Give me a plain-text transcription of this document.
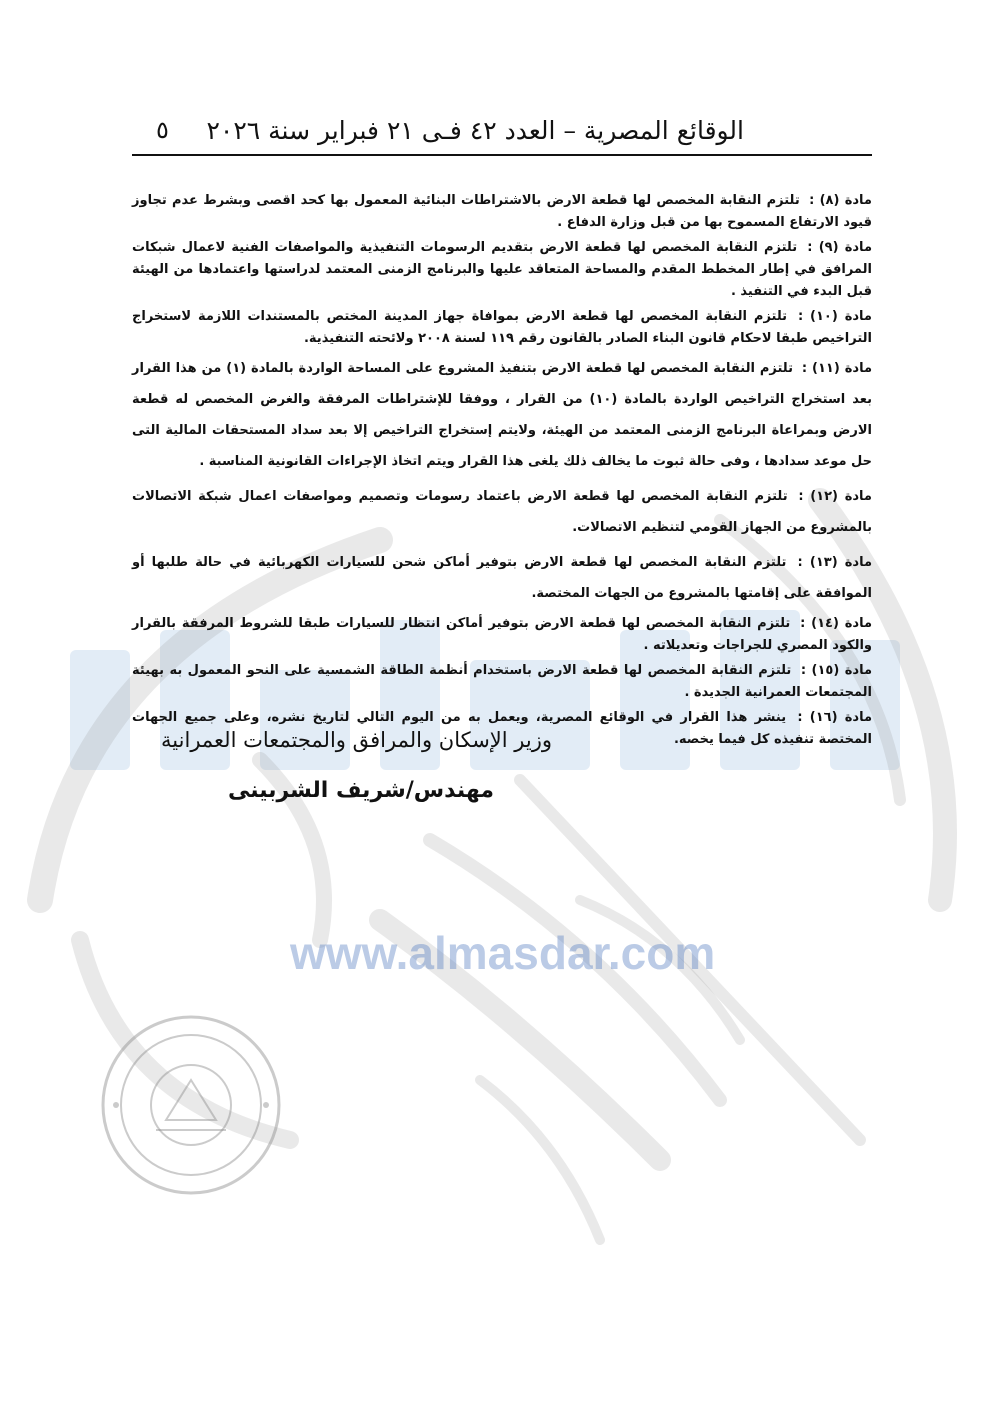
الوقائع المصرية – العدد ٤٢ فـى ٢١ فبراير سنة ٢٠٢٦
٥

مادة (٨) : تلتزم النقابة المخصص لها قطعة الارض بالاشتراطات البنائية المعمول بها كحد اقصى وبشرط عدم تجاوز قيود الارتفاع المسموح بها من قبل وزارة الدفاع .

مادة (٩) : تلتزم النقابة المخصص لها قطعة الارض بتقديم الرسومات التنفيذية والمواصفات الفنية لاعمال شبكات المرافق في إطار المخطط المقدم والمساحة المتعاقد عليها والبرنامج الزمنى المعتمد لدراستها واعتمادها من الهيئة قبل البدء في التنفيذ .

مادة (١٠) : تلتزم النقابة المخصص لها قطعة الارض بموافاة جهاز المدينة المختص بالمستندات اللازمة لاستخراج التراخيص طبقا لاحكام قانون البناء الصادر بالقانون رقم ١١٩ لسنة ٢٠٠٨ ولائحته التنفيذية.

مادة (١١) : تلتزم النقابة المخصص لها قطعة الارض بتنفيذ المشروع على المساحة الواردة بالمادة (١) من هذا القرار بعد استخراج التراخيص الواردة بالمادة (١٠) من القرار ، ووفقا للإشتراطات المرفقة والغرض المخصص له قطعة الارض وبمراعاة البرنامج الزمنى المعتمد من الهيئة، ولايتم إستخراج التراخيص إلا بعد سداد المستحقات المالية التى حل موعد سدادها ، وفى حالة ثبوت ما يخالف ذلك يلغى هذا القرار ويتم اتخاذ الإجراءات القانونية المناسبة .

مادة (١٢) : تلتزم النقابة المخصص لها قطعة الارض باعتماد رسومات وتصميم ومواصفات اعمال شبكة الاتصالات بالمشروع من الجهاز القومي لتنظيم الاتصالات.

مادة (١٣) : تلتزم النقابة المخصص لها قطعة الارض بتوفير أماكن شحن للسيارات الكهربائية في حالة طلبها أو الموافقة على إقامتها بالمشروع من الجهات المختصة.

مادة (١٤) : تلتزم النقابة المخصص لها قطعة الارض بتوفير أماكن انتظار للسيارات طبقا للشروط المرفقة بالقرار والكود المصري للجراجات وتعديلاته .

مادة (١٥) : تلتزم النقابة المخصص لها قطعة الارض باستخدام أنظمة الطاقة الشمسية على النحو المعمول به بهيئة المجتمعات العمرانية الجديدة .

مادة (١٦) : ينشر هذا القرار في الوقائع المصرية، ويعمل به من اليوم التالي لتاريخ نشره، وعلى جميع الجهات المختصة تنفيذه كل فيما يخصه.

وزير الإسكان والمرافق والمجتمعات العمرانية
مهندس/شريف الشربينى
www.almasdar.com
